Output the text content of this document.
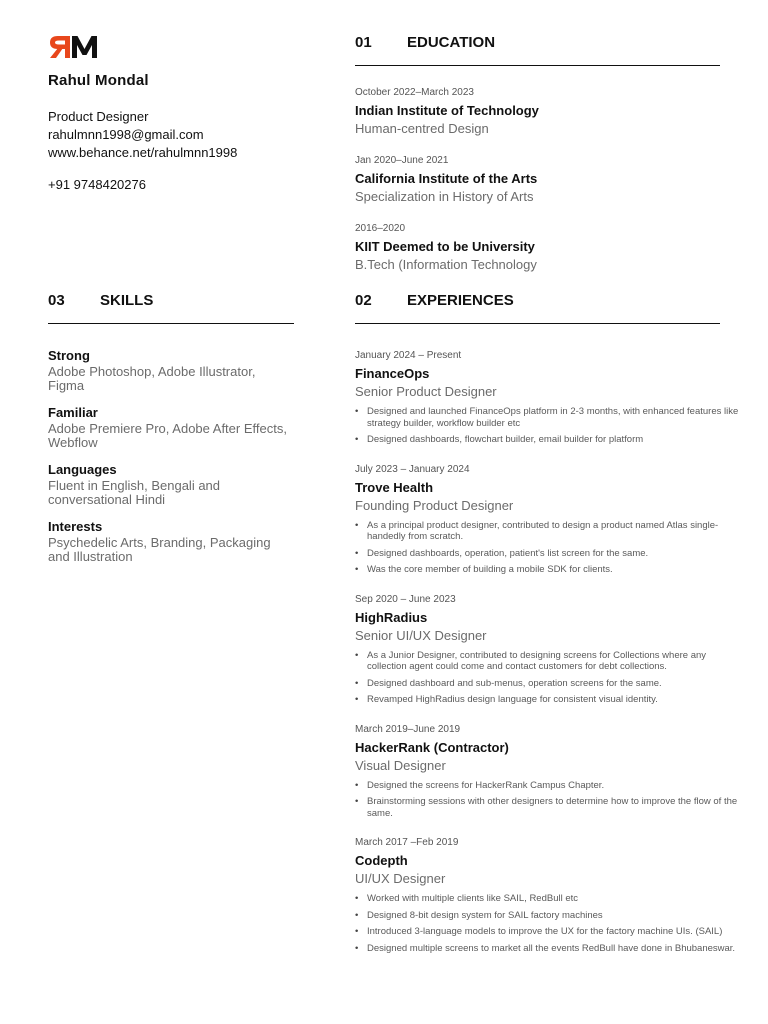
RM
Rahul Mondal
Product Designer
rahulmnn1998@gmail.com
www.behance.net/rahulmnn1998
+91 9748420276
01	EDUCATION
October 2022–March 2023
Indian Institute of Technology
Human-centred Design
Jan 2020–June 2021
California Institute of the Arts
Specialization in History of Arts
2016–2020
KIIT Deemed to be University
B.Tech (Information Technology
03	SKILLS
Strong
Adobe Photoshop, Adobe Illustrator, Figma
Familiar
Adobe Premiere Pro, Adobe After Effects, Webflow
Languages
Fluent in English, Bengali and conversational Hindi
Interests
Psychedelic Arts, Branding, Packaging and Illustration
02	EXPERIENCES
January 2024 – Present
FinanceOps
Senior Product Designer
• Designed and launched FinanceOps platform in 2-3 months, with enhanced features like strategy builder, workflow builder etc
• Designed dashboards, flowchart builder, email builder for platform
July 2023 – January 2024
Trove Health
Founding Product Designer
• As a principal product designer, contributed to design a product named Atlas single-handedly from scratch.
• Designed dashboards, operation, patient's list screen for the same.
• Was the core member of building a mobile SDK for clients.
Sep 2020 – June 2023
HighRadius
Senior UI/UX Designer
• As a Junior Designer, contributed to designing screens for Collections where any collection agent could come and contact customers for debt collections.
• Designed dashboard and sub-menus, operation screens for the same.
• Revamped HighRadius design language for consistent visual identity.
March 2019–June 2019
HackerRank (Contractor)
Visual Designer
• Designed the screens for HackerRank Campus Chapter.
• Brainstorming sessions with other designers to determine how to improve the flow of the same.
March 2017 –Feb 2019
Codepth
UI/UX Designer
• Worked with multiple clients like SAIL, RedBull etc
• Designed 8-bit design system for SAIL factory machines
• Introduced 3-language models to improve the UX for the factory machine UIs. (SAIL)
• Designed multiple screens to market all the events RedBull have done in Bhubaneswar.
